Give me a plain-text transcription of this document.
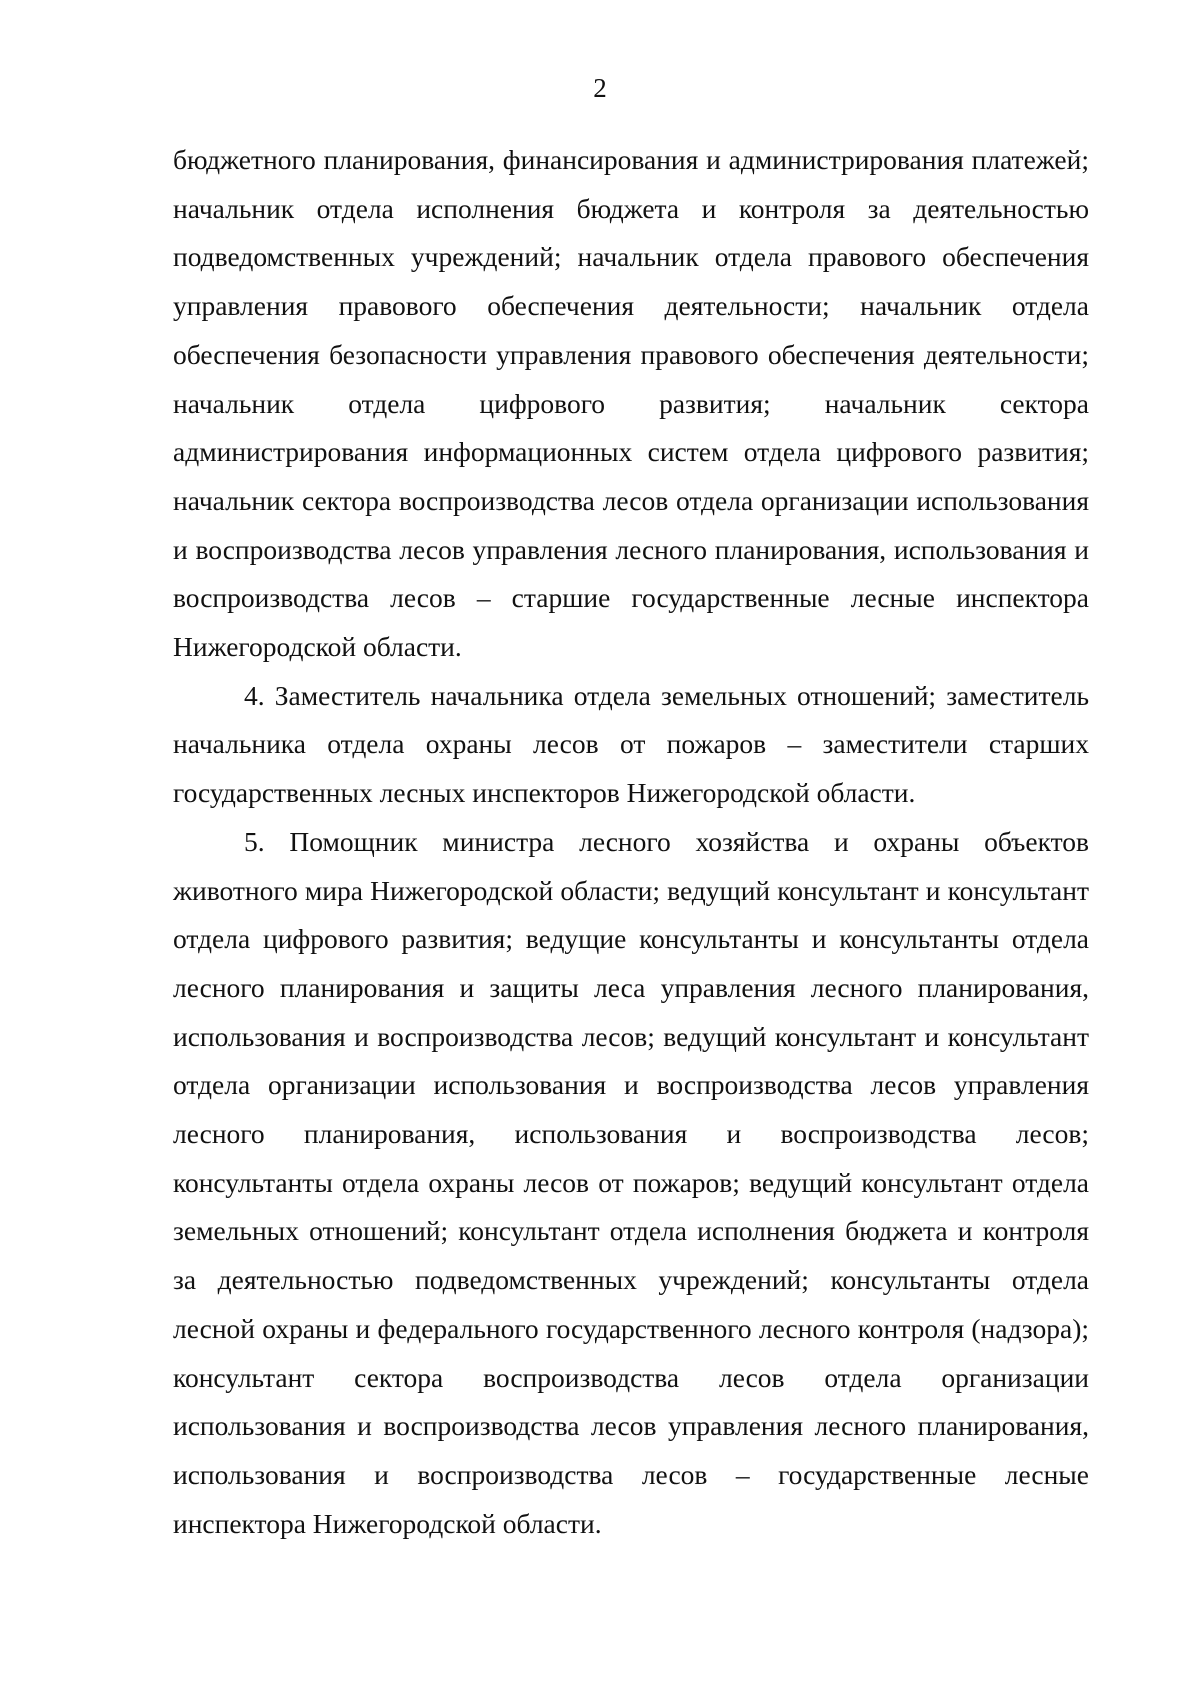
2

бюджетного планирования, финансирования и администрирования платежей; начальник отдела исполнения бюджета и контроля за деятельностью подведомственных учреждений; начальник отдела правового обеспечения управления правового обеспечения деятельности; начальник отдела обеспечения безопасности управления правового обеспечения деятельности; начальник отдела цифрового развития; начальник сектора администрирования информационных систем отдела цифрового развития; начальник сектора воспроизводства лесов отдела организации использования и воспроизводства лесов управления лесного планирования, использования и воспроизводства лесов – старшие государственные лесные инспектора Нижегородской области.

4. Заместитель начальника отдела земельных отношений; заместитель начальника отдела охраны лесов от пожаров – заместители старших государственных лесных инспекторов Нижегородской области.

5. Помощник министра лесного хозяйства и охраны объектов животного мира Нижегородской области; ведущий консультант и консультант отдела цифрового развития; ведущие консультанты и консультанты отдела лесного планирования и защиты леса управления лесного планирования, использования и воспроизводства лесов; ведущий консультант и консультант отдела организации использования и воспроизводства лесов управления лесного планирования, использования и воспроизводства лесов; консультанты отдела охраны лесов от пожаров; ведущий консультант отдела земельных отношений; консультант отдела исполнения бюджета и контроля за деятельностью подведомственных учреждений; консультанты отдела лесной охраны и федерального государственного лесного контроля (надзора); консультант сектора воспроизводства лесов отдела организации использования и воспроизводства лесов управления лесного планирования, использования и воспроизводства лесов – государственные лесные инспектора Нижегородской области.
